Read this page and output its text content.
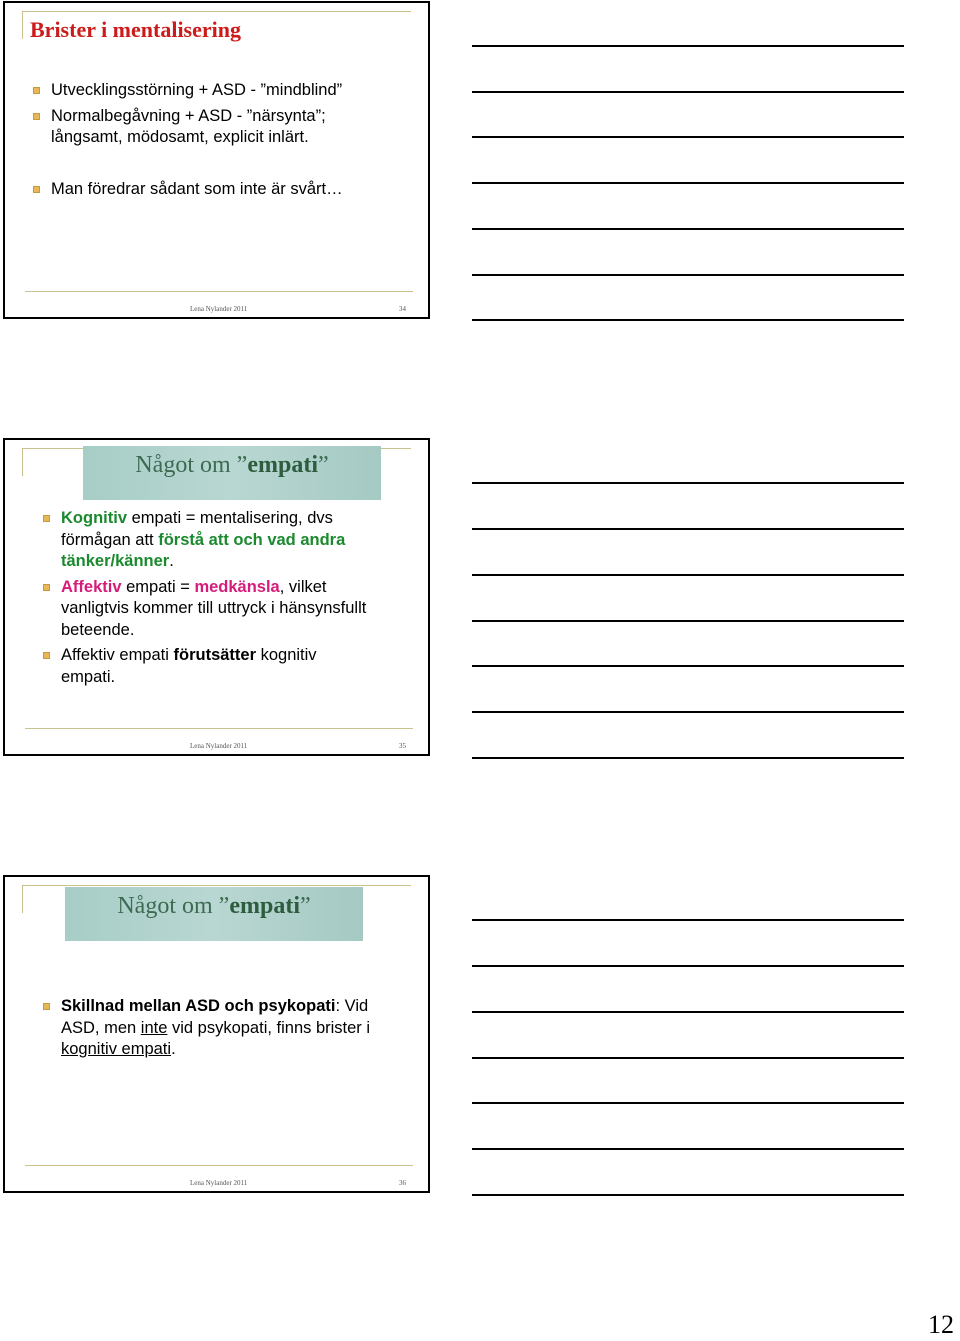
Brister i mentalisering
Utvecklingsstörning + ASD - ”mindblind”
Normalbegåvning + ASD - ”närsynta”;
långsamt, mödosamt, explicit inlärt.
Man föredrar sådant som inte är svårt…
Lena Nylander 2011	34
Något om ”empati”
Kognitiv empati = mentalisering, dvs
förmågan att förstå att och vad andra
tänker/känner.
Affektiv empati = medkänsla, vilket
vanligtvis kommer till uttryck i hänsynsfullt
beteende.
Affektiv empati förutsätter kognitiv
empati.
Lena Nylander 2011	35
Något om ”empati”
Skillnad mellan ASD och psykopati: Vid
ASD, men inte vid psykopati, finns brister i
kognitiv empati.
Lena Nylander 2011	36
12
